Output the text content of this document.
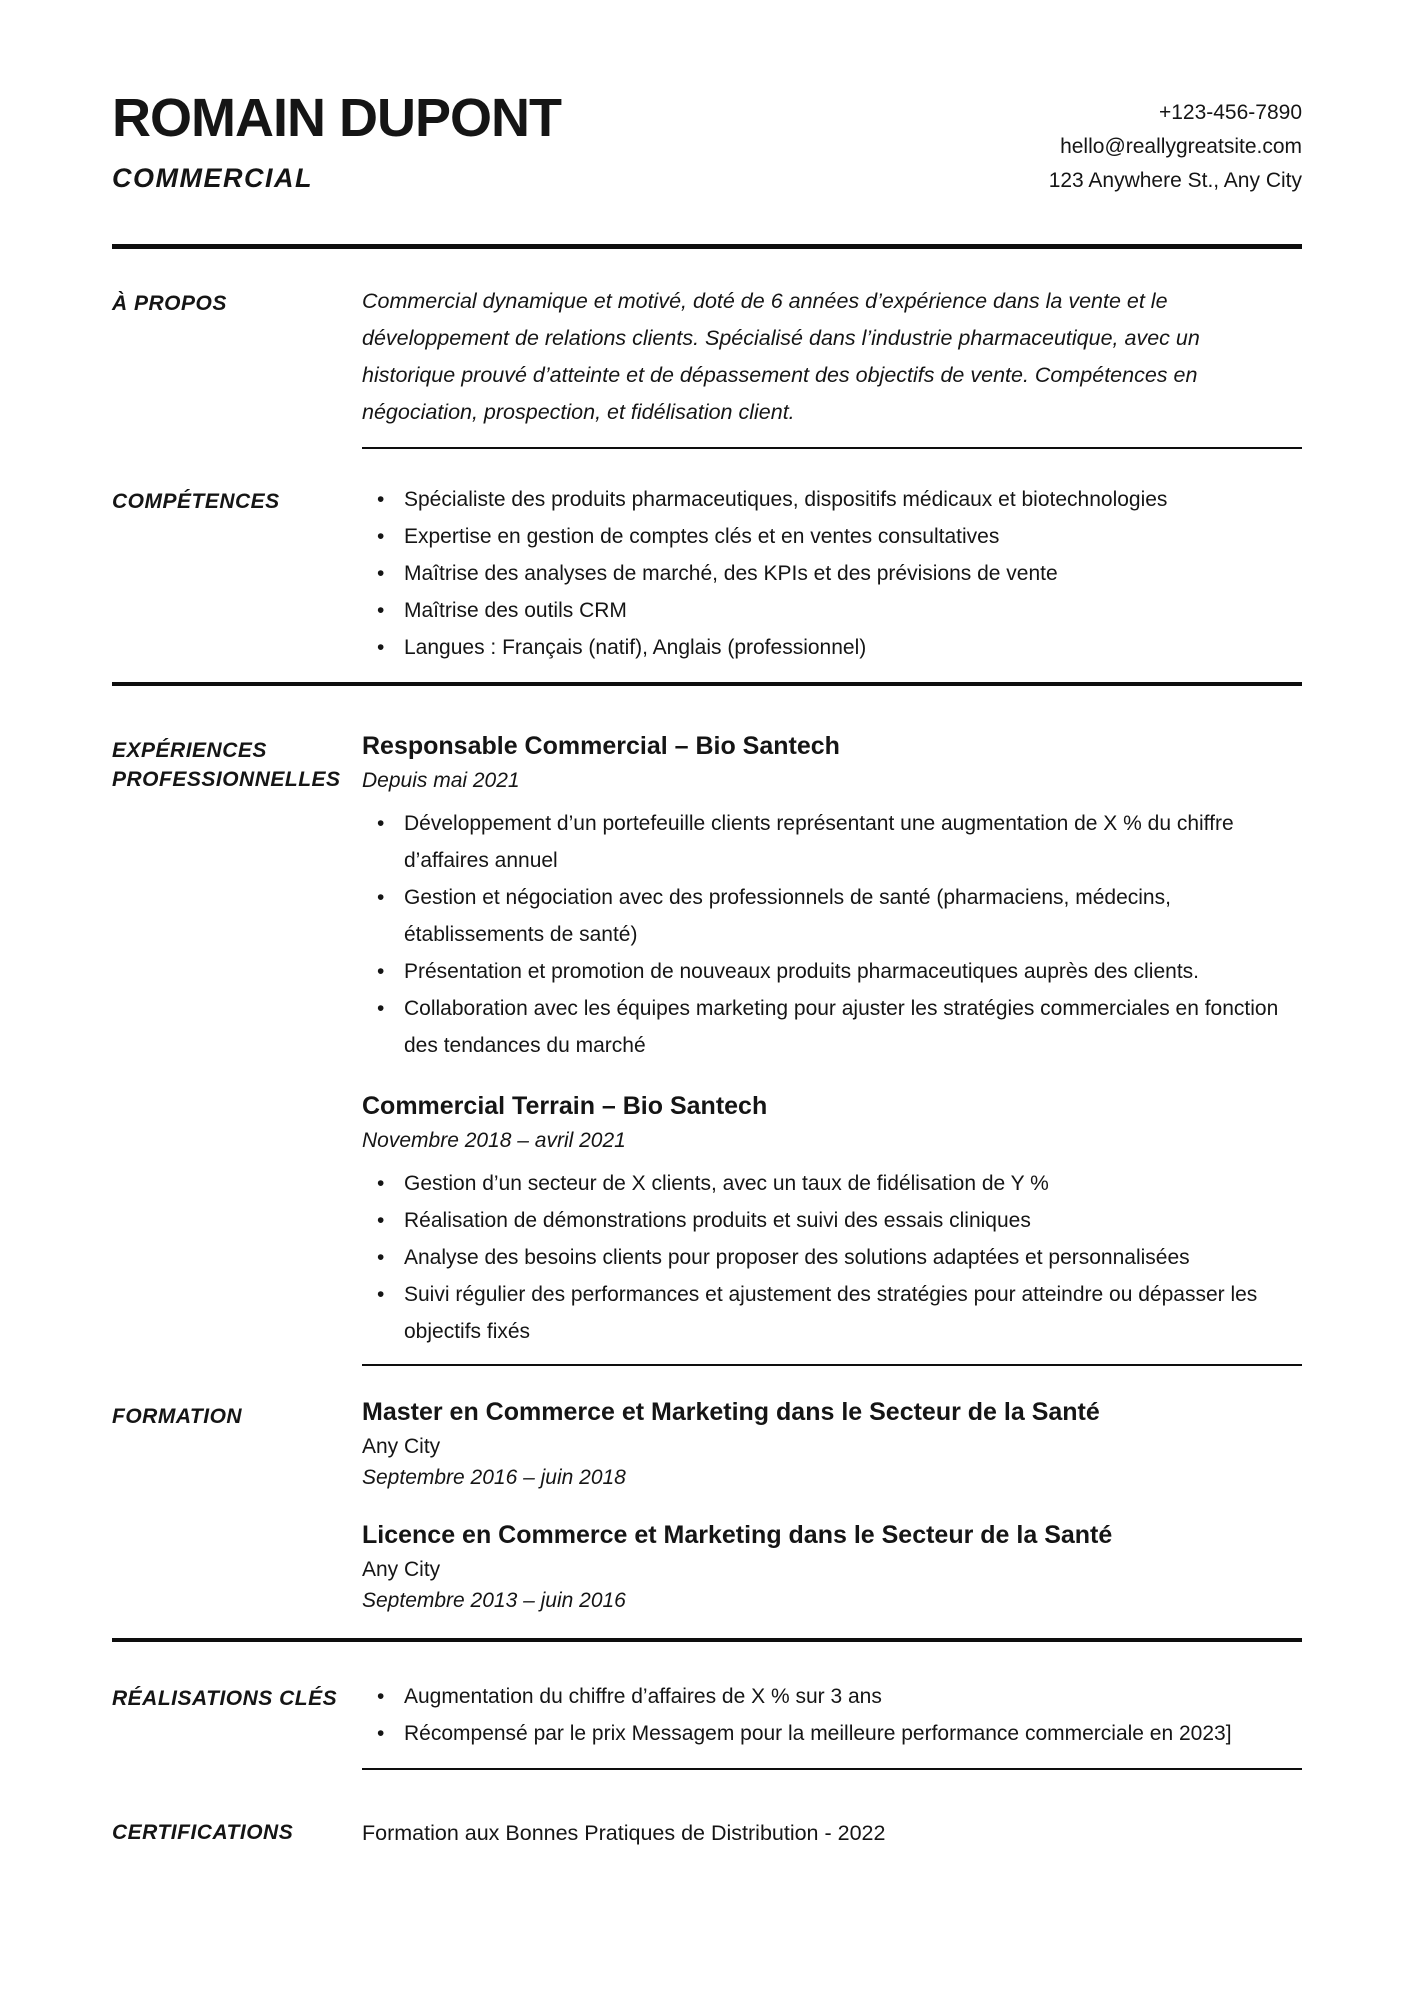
ROMAIN DUPONT
COMMERCIAL
+123-456-7890
hello@reallygreatsite.com
123 Anywhere St., Any City
À PROPOS	Commercial dynamique et motivé, doté de 6 années d’expérience dans la vente et le développement de relations clients. Spécialisé dans l’industrie pharmaceutique, avec un historique prouvé d’atteinte et de dépassement des objectifs de vente. Compétences en négociation, prospection, et fidélisation client.
COMPÉTENCES	• Spécialiste des produits pharmaceutiques, dispositifs médicaux et biotechnologies
• Expertise en gestion de comptes clés et en ventes consultatives
• Maîtrise des analyses de marché, des KPIs et des prévisions de vente
• Maîtrise des outils CRM
• Langues : Français (natif), Anglais (professionnel)
EXPÉRIENCES PROFESSIONNELLES
Responsable Commercial – Bio Santech
Depuis mai 2021
• Développement d’un portefeuille clients représentant une augmentation de X % du chiffre d’affaires annuel
• Gestion et négociation avec des professionnels de santé (pharmaciens, médecins, établissements de santé)
• Présentation et promotion de nouveaux produits pharmaceutiques auprès des clients.
• Collaboration avec les équipes marketing pour ajuster les stratégies commerciales en fonction des tendances du marché
Commercial Terrain – Bio Santech
Novembre 2018 – avril 2021
• Gestion d’un secteur de X clients, avec un taux de fidélisation de Y %
• Réalisation de démonstrations produits et suivi des essais cliniques
• Analyse des besoins clients pour proposer des solutions adaptées et personnalisées
• Suivi régulier des performances et ajustement des stratégies pour atteindre ou dépasser les objectifs fixés
FORMATION	Master en Commerce et Marketing dans le Secteur de la Santé
Any City
Septembre 2016 – juin 2018
Licence en Commerce et Marketing dans le Secteur de la Santé
Any City
Septembre 2013 – juin 2016
RÉALISATIONS CLÉS	• Augmentation du chiffre d’affaires de X % sur 3 ans
• Récompensé par le prix Messagem pour la meilleure performance commerciale en 2023]
CERTIFICATIONS	Formation aux Bonnes Pratiques de Distribution - 2022
